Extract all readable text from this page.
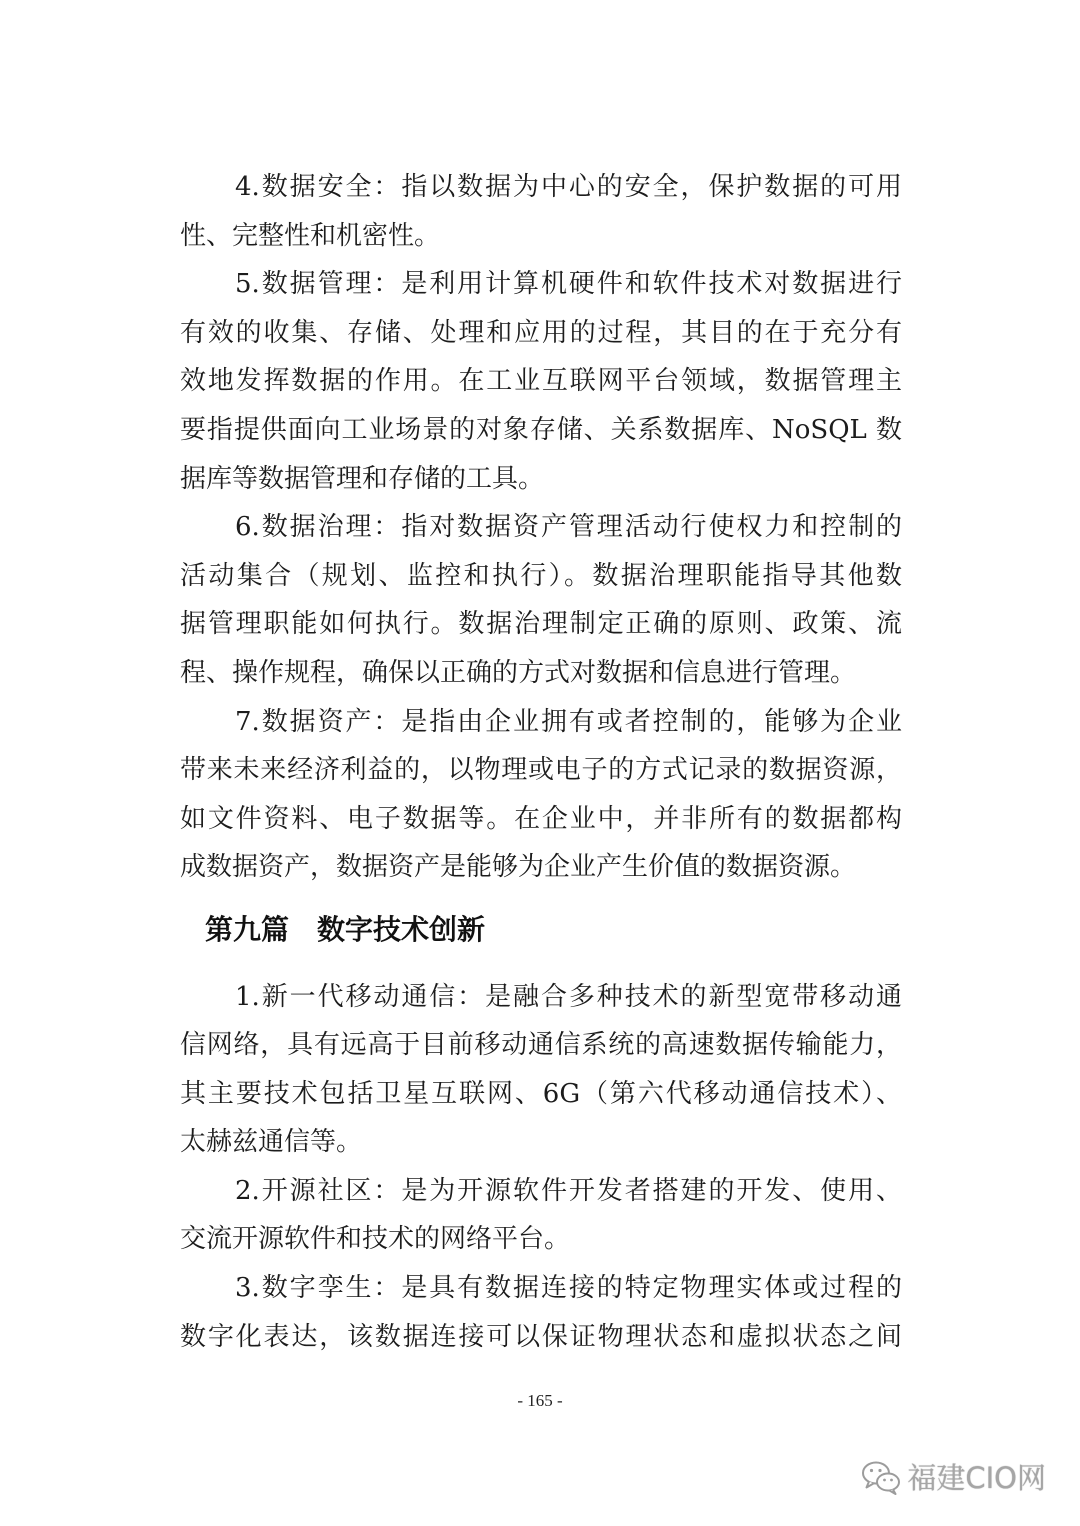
4.数据安全：指以数据为中心的安全，保护数据的可用
性、完整性和机密性。
5.数据管理：是利用计算机硬件和软件技术对数据进行
有效的收集、存储、处理和应用的过程，其目的在于充分有
效地发挥数据的作用。在工业互联网平台领域，数据管理主
要指提供面向工业场景的对象存储、关系数据库、NoSQL 数
据库等数据管理和存储的工具。
6.数据治理：指对数据资产管理活动行使权力和控制的
活动集合（规划、监控和执行）。数据治理职能指导其他数
据管理职能如何执行。数据治理制定正确的原则、政策、流
程、操作规程，确保以正确的方式对数据和信息进行管理。
7.数据资产：是指由企业拥有或者控制的，能够为企业
带来未来经济利益的，以物理或电子的方式记录的数据资源，
如文件资料、电子数据等。在企业中，并非所有的数据都构
成数据资产，数据资产是能够为企业产生价值的数据资源。
第九篇　数字技术创新
1.新一代移动通信：是融合多种技术的新型宽带移动通
信网络，具有远高于目前移动通信系统的高速数据传输能力，
其主要技术包括卫星互联网、6G（第六代移动通信技术）、
太赫兹通信等。
2.开源社区：是为开源软件开发者搭建的开发、使用、
交流开源软件和技术的网络平台。
3.数字孪生：是具有数据连接的特定物理实体或过程的
数字化表达，该数据连接可以保证物理状态和虚拟状态之间
- 165 -
福建CIO网
